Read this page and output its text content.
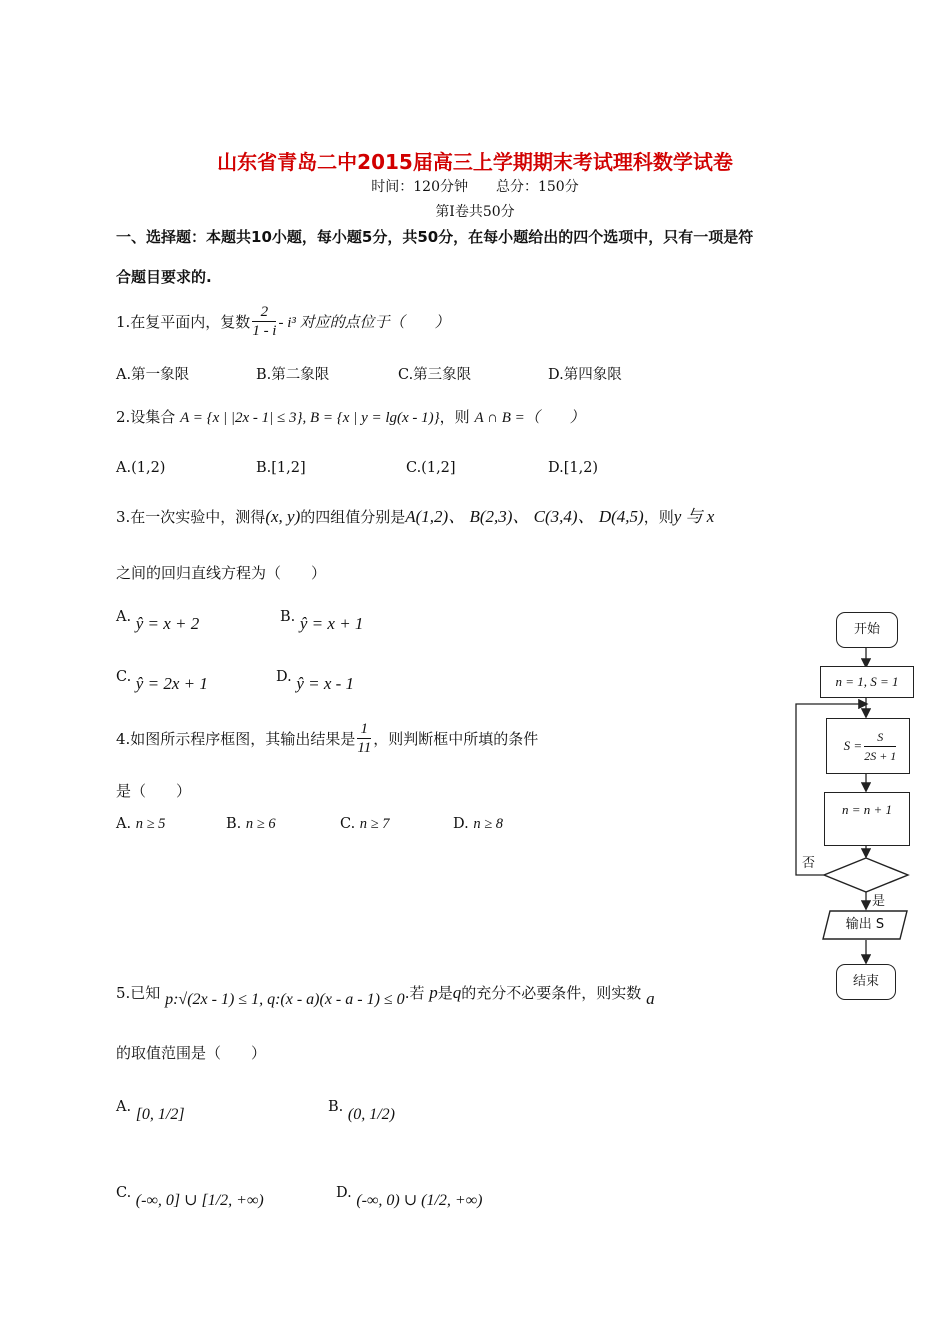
山东省青岛二中2015届高三上学期期末考试理科数学试卷
时间：120分钟　　总分：150分
第Ⅰ卷共50分
一、选择题：本题共10小题，每小题5分，共50分，在每小题给出的四个选项中，只有一项是符
合题目要求的.
1.在复平面内，复数 $\frac{2}{1 - i} - i^3$ 对应的点位于（　　）
A.第一象限	B.第二象限	C.第三象限	D.第四象限
2.设集合 A = {x | |2x - 1| ≤ 3}, B = {x | y = lg(x - 1)}，则 A ∩ B =（　　）
A.(1,2)	B.[1,2]	C.(1,2]	D.[1,2)
3.在一次实验中，测得(x, y)的四组值分别是A(1,2)、 B(2,3)、 C(3,4)、 D(4,5)，则y 与 x
之间的回归直线方程为（　　）
A. ŷ = x + 2	B. ŷ = x + 1
C. ŷ = 2x + 1	D. ŷ = x - 1
4.如图所示程序框图，其输出结果是 $\frac{1}{11}$ ，则判断框中所填的条件
是（　　）
A. n ≥ 5	B. n ≥ 6	C. n ≥ 7	D. n ≥ 8
开始
n = 1, S = 1
$S = \frac{S}{2S + 1}$
n = n + 1
否
是
输出 S
结束
5.已知 p:√(2x - 1) ≤ 1, q:(x - a)(x - a - 1) ≤ 0.若 p是q的充分不必要条件，则实数 a
的取值范围是（　　）
A. [0, 1/2]	B. (0, 1/2)
C. (-∞, 0] ∪ [1/2, +∞)	D. (-∞, 0) ∪ (1/2, +∞)
